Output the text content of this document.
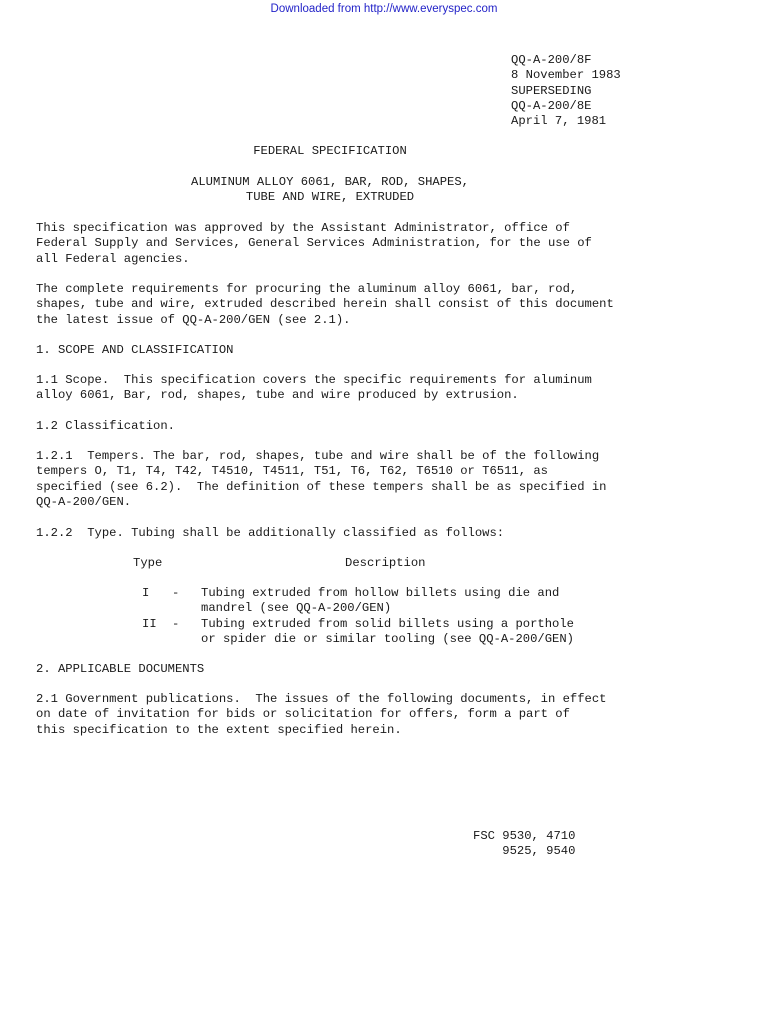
Downloaded from http://www.everyspec.com
QQ-A-200/8F
8 November 1983
SUPERSEDING
QQ-A-200/8E
April 7, 1981
FEDERAL SPECIFICATION
ALUMINUM ALLOY 6061, BAR, ROD, SHAPES,
TUBE AND WIRE, EXTRUDED
This specification was approved by the Assistant Administrator, office of
Federal Supply and Services, General Services Administration, for the use of
all Federal agencies.
The complete requirements for procuring the aluminum alloy 6061, bar, rod,
shapes, tube and wire, extruded described herein shall consist of this document
the latest issue of QQ-A-200/GEN (see 2.1).
1. SCOPE AND CLASSIFICATION
1.1 Scope.  This specification covers the specific requirements for aluminum
alloy 6061, Bar, rod, shapes, tube and wire produced by extrusion.
1.2 Classification.
1.2.1  Tempers. The bar, rod, shapes, tube and wire shall be of the following
tempers O, T1, T4, T42, T4510, T4511, T51, T6, T62, T6510 or T6511, as
specified (see 6.2).  The definition of these tempers shall be as specified in
QQ-A-200/GEN.
1.2.2  Type. Tubing shall be additionally classified as follows:
Type	Description
I	- Tubing extruded from hollow billets using die and
mandrel (see QQ-A-200/GEN)
II	- Tubing extruded from solid billets using a porthole
or spider die or similar tooling (see QQ-A-200/GEN)
2. APPLICABLE DOCUMENTS
2.1 Government publications.  The issues of the following documents, in effect
on date of invitation for bids or solicitation for offers, form a part of
this specification to the extent specified herein.
FSC 9530, 4710
9525, 9540
